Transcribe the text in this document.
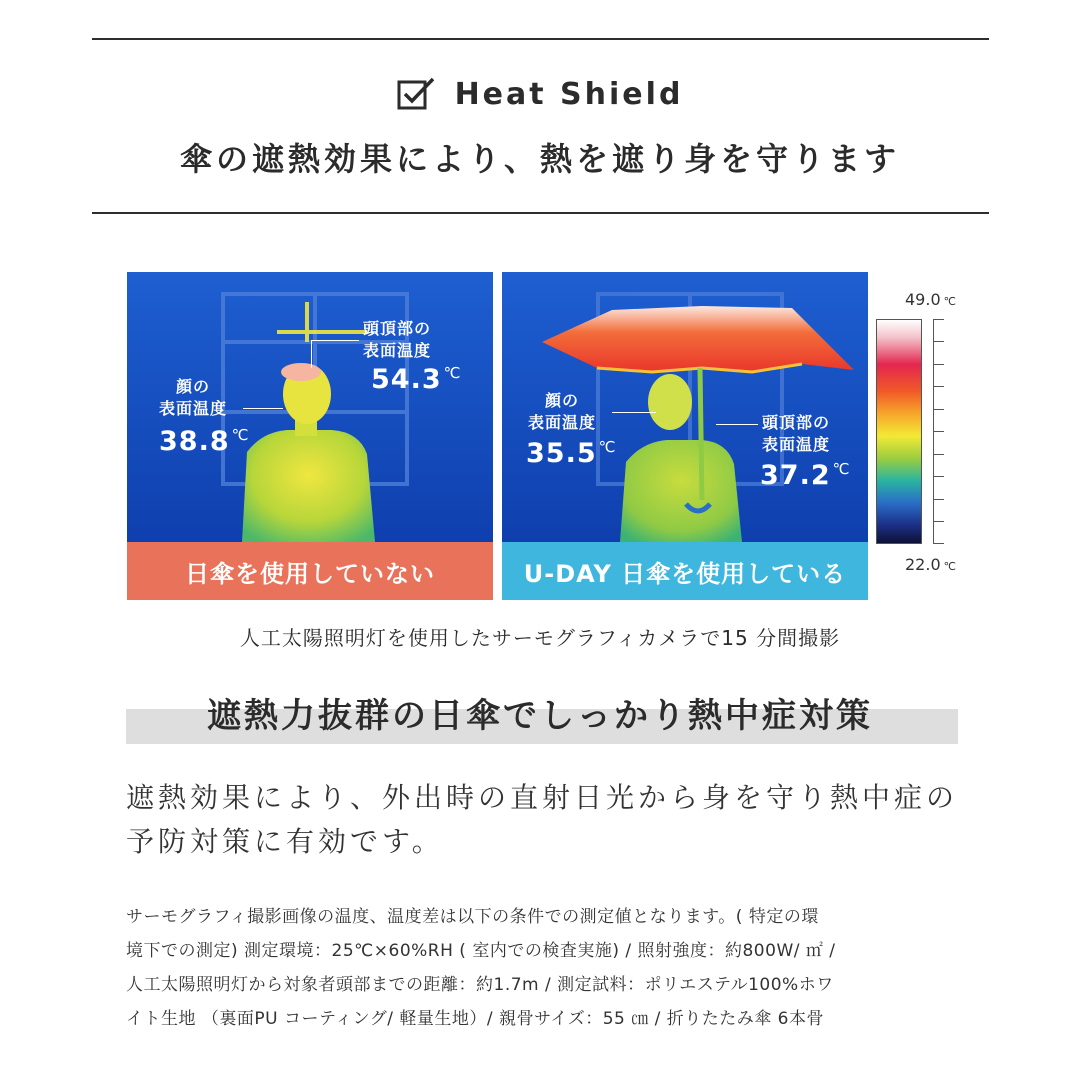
Heat Shield
傘の遮熱効果により、熱を遮り身を守ります
頭頂部の
表面温度
54.3 ℃
顔の
表面温度
38.8 ℃
日傘を使用していない
顔の
表面温度
35.5 ℃
頭頂部の
表面温度
37.2 ℃
U-DAY 日傘を使用している
49.0 ℃
22.0 ℃
人工太陽照明灯を使用したサーモグラフィカメラで15 分間撮影
遮熱力抜群の日傘でしっかり熱中症対策
遮熱効果により、外出時の直射日光から身を守り熱中症の
予防対策に有効です。
サーモグラフィ撮影画像の温度、温度差は以下の条件での測定値となります。( 特定の環
境下での測定) 測定環境：25℃×60%RH ( 室内での検査実施) / 照射強度：約800W/ ㎡ /
人工太陽照明灯から対象者頭部までの距離：約1.7m / 測定試料：ポリエステル100%ホワ
イト生地 （裏面PU コーティング/ 軽量生地）/ 親骨サイズ：55 ㎝ / 折りたたみ傘 6本骨
